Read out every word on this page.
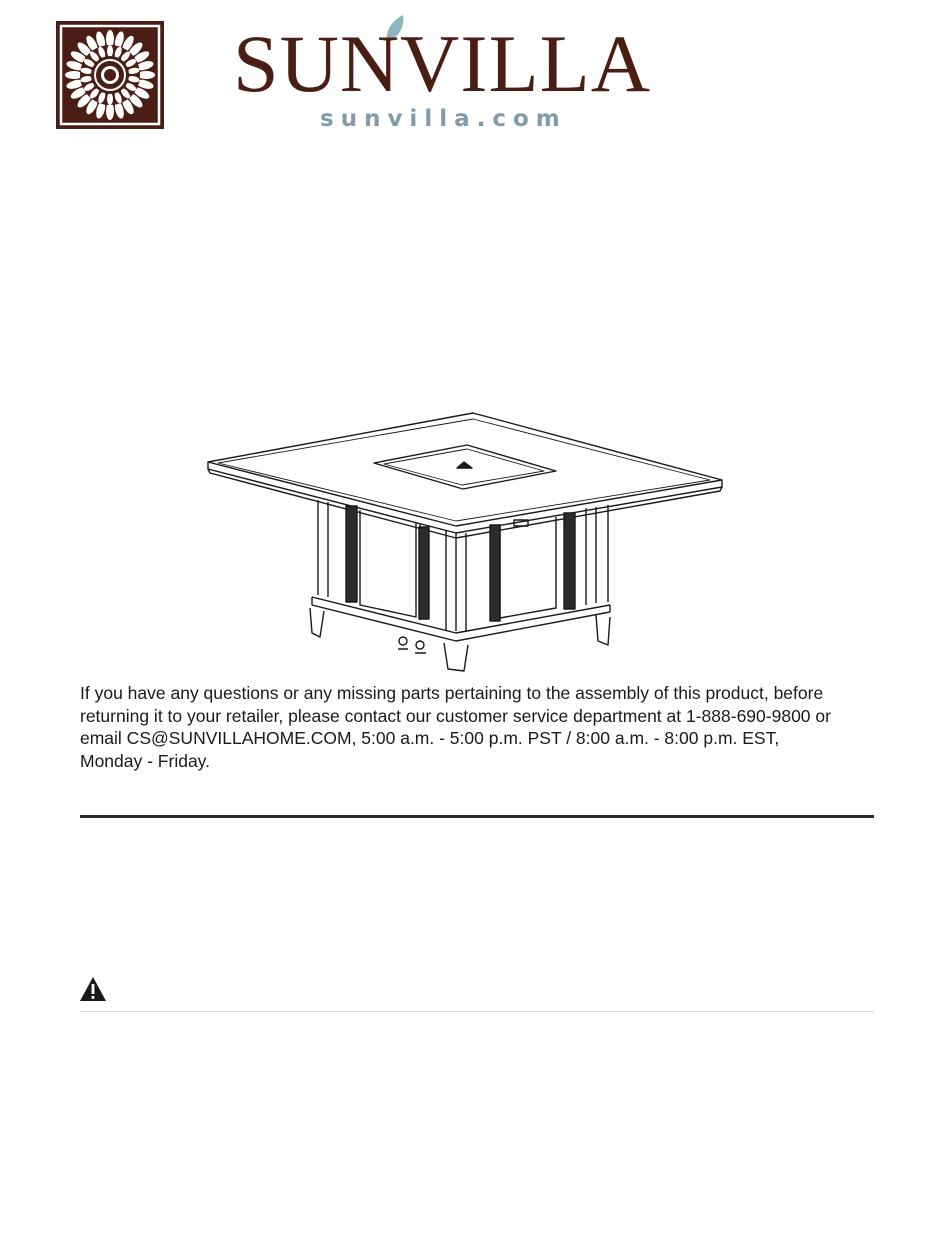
SUNVILLA
sunvilla.com
If you have any questions or any missing parts pertaining to the assembly of this product, before
returning it to your retailer, please contact our customer service department at 1-888-690-9800 or
email CS@SUNVILLAHOME.COM, 5:00 a.m. - 5:00 p.m. PST / 8:00 a.m. - 8:00 p.m. EST,
Monday - Friday.
